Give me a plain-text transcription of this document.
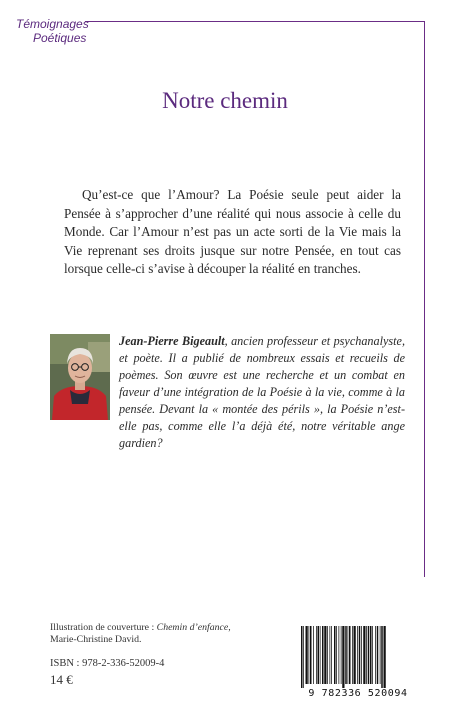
Témoignages
Poétiques
Notre chemin

Qu’est-ce que l’Amour? La Poésie seule peut aider la Pensée à s’approcher d’une réalité qui nous associe à celle du Monde. Car l’Amour n’est pas un acte sorti de la Vie mais la Vie reprenant ses droits jusque sur notre Pensée, en tout cas lorsque celle-ci s’avise à découper la réalité en tranches.

Jean-Pierre Bigeault, ancien professeur et psychanalyste, et poète. Il a publié de nombreux essais et recueils de poèmes. Son œuvre est une recherche et un combat en faveur d’une intégration de la Poésie à la vie, comme à la pensée. Devant la « montée des périls », la Poésie n’est-elle pas, comme elle l’a déjà été, notre véritable ange gardien?

Illustration de couverture : Chemin d’enfance,
Marie-Christine David.
ISBN : 978-2-336-52009-4
14 €
9 782336 520094
